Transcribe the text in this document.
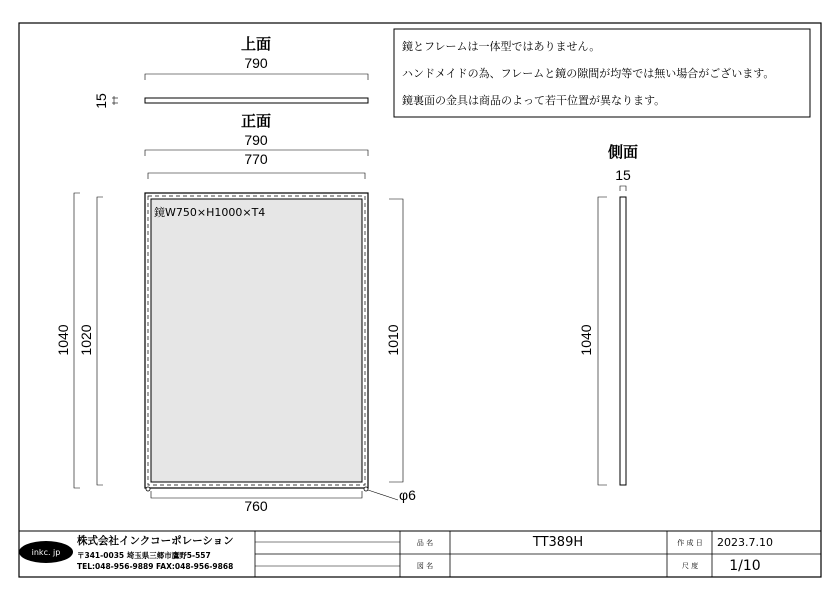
鏡とフレームは一体型ではありません。
ハンドメイドの為、フレームと鏡の隙間が均等では無い場合がございます。
鏡裏面の金具は商品のよって若干位置が異なります。
上面
790
15
正面
790
770
鏡W750×H1000×T4
φ6
1040 1020	1010
760
側面
15
1040
inkc. jp
株式会社インクコーポレーション
〒341-0035 埼玉県三郷市鷹野5-557
TEL:048-956-9889 FAX:048-956-9868
品 名	TT389H
図 名
作 成 日 2023.7.10
尺 度 1/10
